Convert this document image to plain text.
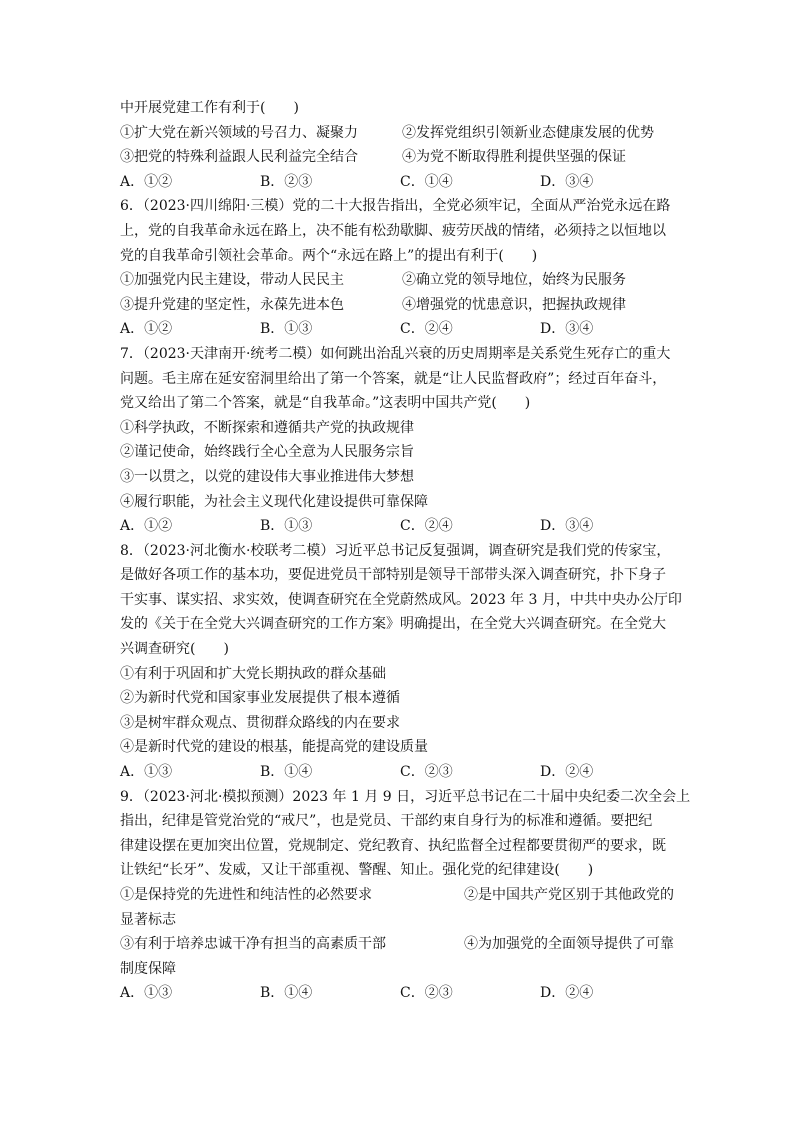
中开展党建工作有利于(　　)
①扩大党在新兴领域的号召力、凝聚力	②发挥党组织引领新业态健康发展的优势
③把党的特殊利益跟人民利益完全结合	④为党不断取得胜利提供坚强的保证
A．①②	B．②③	C．①④	D．③④
6．（2023·四川绵阳·三模）党的二十大报告指出，全党必须牢记，全面从严治党永远在路
上，党的自我革命永远在路上，决不能有松劲歇脚、疲劳厌战的情绪，必须持之以恒地以
党的自我革命引领社会革命。两个“永远在路上”的提出有利于(　　)
①加强党内民主建设，带动人民民主	②确立党的领导地位，始终为民服务
③提升党建的坚定性，永葆先进本色	④增强党的忧患意识，把握执政规律
A．①②	B．①③	C．②④	D．③④
7．（2023·天津南开·统考二模）如何跳出治乱兴衰的历史周期率是关系党生死存亡的重大
问题。毛主席在延安窑洞里给出了第一个答案，就是“让人民监督政府”；经过百年奋斗，
党又给出了第二个答案，就是“自我革命。”这表明中国共产党(　　)
①科学执政，不断探索和遵循共产党的执政规律
②谨记使命，始终践行全心全意为人民服务宗旨
③一以贯之，以党的建设伟大事业推进伟大梦想
④履行职能，为社会主义现代化建设提供可靠保障
A．①②	B．①③	C．②④	D．③④
8．（2023·河北衡水·校联考二模）习近平总书记反复强调，调查研究是我们党的传家宝，
是做好各项工作的基本功，要促进党员干部特别是领导干部带头深入调查研究，扑下身子
干实事、谋实招、求实效，使调查研究在全党蔚然成风。2023 年 3 月，中共中央办公厅印
发的《关于在全党大兴调查研究的工作方案》明确提出，在全党大兴调查研究。在全党大
兴调查研究(　　)
①有利于巩固和扩大党长期执政的群众基础
②为新时代党和国家事业发展提供了根本遵循
③是树牢群众观点、贯彻群众路线的内在要求
④是新时代党的建设的根基，能提高党的建设质量
A．①③	B．①④	C．②③	D．②④
9．（2023·河北·模拟预测）2023 年 1 月 9 日，习近平总书记在二十届中央纪委二次全会上
指出，纪律是管党治党的“戒尺”，也是党员、干部约束自身行为的标准和遵循。要把纪
律建设摆在更加突出位置，党规制定、党纪教育、执纪监督全过程都要贯彻严的要求，既
让铁纪“长牙”、发威，又让干部重视、警醒、知止。强化党的纪律建设(　　)
①是保持党的先进性和纯洁性的必然要求	②是中国共产党区别于其他政党的
显著标志
③有利于培养忠诚干净有担当的高素质干部	④为加强党的全面领导提供了可靠
制度保障
A．①③	B．①④	C．②③	D．②④
